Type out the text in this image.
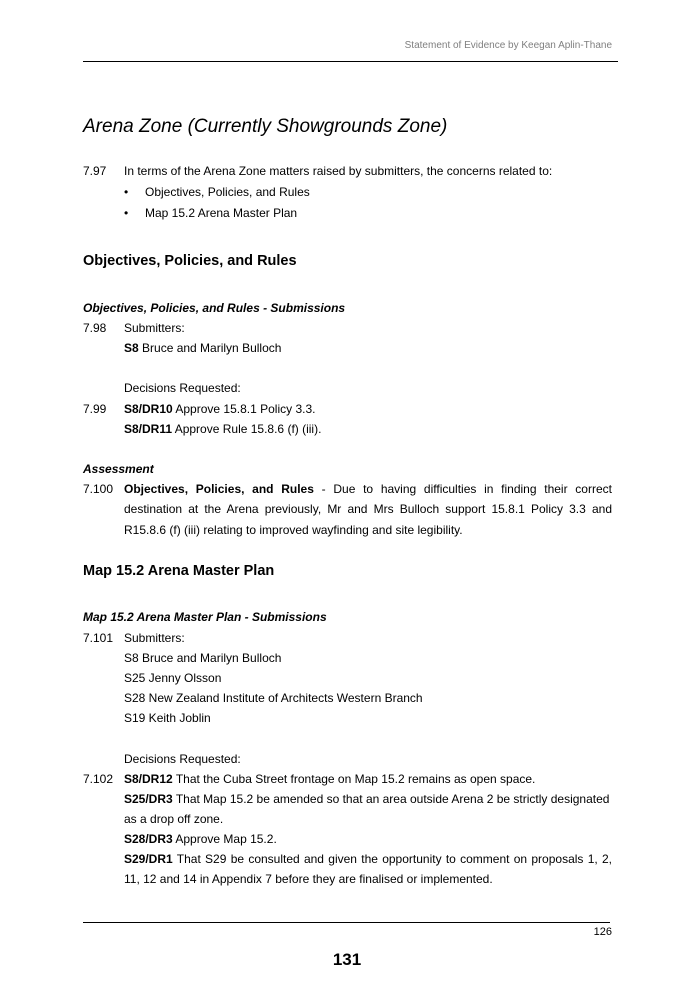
Statement of Evidence by Keegan Aplin-Thane
Arena Zone (Currently Showgrounds Zone)
7.97 In terms of the Arena Zone matters raised by submitters, the concerns related to:
• Objectives, Policies, and Rules
• Map 15.2 Arena Master Plan
Objectives, Policies, and Rules
Objectives, Policies, and Rules - Submissions
7.98 Submitters:
S8 Bruce and Marilyn Bulloch
Decisions Requested:
7.99 S8/DR10 Approve 15.8.1 Policy 3.3.
S8/DR11 Approve Rule 15.8.6 (f) (iii).
Assessment
7.100 Objectives, Policies, and Rules - Due to having difficulties in finding their correct destination at the Arena previously, Mr and Mrs Bulloch support 15.8.1 Policy 3.3 and R15.8.6 (f) (iii) relating to improved wayfinding and site legibility.
Map 15.2 Arena Master Plan
Map 15.2 Arena Master Plan - Submissions
7.101 Submitters:
S8 Bruce and Marilyn Bulloch
S25 Jenny Olsson
S28 New Zealand Institute of Architects Western Branch
S19 Keith Joblin
Decisions Requested:
7.102 S8/DR12 That the Cuba Street frontage on Map 15.2 remains as open space.
S25/DR3 That Map 15.2 be amended so that an area outside Arena 2 be strictly designated
as a drop off zone.
S28/DR3 Approve Map 15.2.
S29/DR1 That S29 be consulted and given the opportunity to comment on proposals 1, 2, 11, 12 and 14 in Appendix 7 before they are finalised or implemented.
126
131
